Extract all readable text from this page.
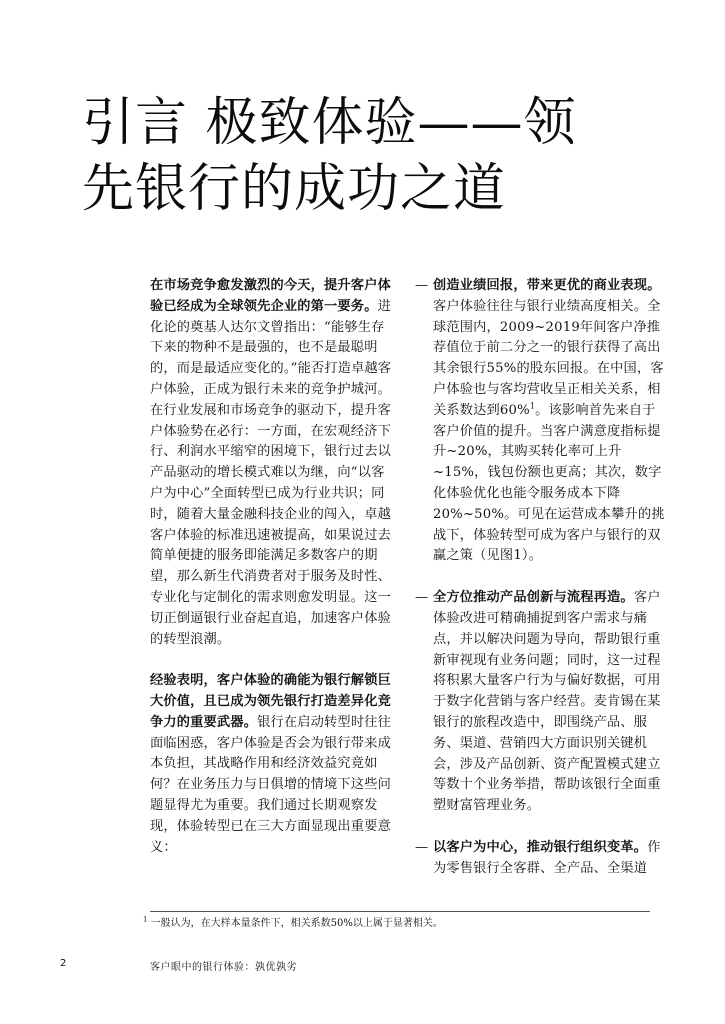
引言 极致体验——领
先银行的成功之道

在市场竞争愈发激烈的今天，提升客户体验已经成为全球领先企业的第一要务。进化论的奠基人达尔文曾指出：“能够生存下来的物种不是最强的，也不是最聪明的，而是最适应变化的。”能否打造卓越客户体验，正成为银行未来的竞争护城河。在行业发展和市场竞争的驱动下，提升客户体验势在必行：一方面，在宏观经济下行、利润水平缩窄的困境下，银行过去以产品驱动的增长模式难以为继，向“以客户为中心”全面转型已成为行业共识；同时，随着大量金融科技企业的闯入，卓越客户体验的标准迅速被提高，如果说过去简单便捷的服务即能满足多数客户的期望，那么新生代消费者对于服务及时性、专业化与定制化的需求则愈发明显。这一切正倒逼银行业奋起直追，加速客户体验的转型浪潮。

经验表明，客户体验的确能为银行解锁巨大价值，且已成为领先银行打造差异化竞争力的重要武器。银行在启动转型时往往面临困惑，客户体验是否会为银行带来成本负担，其战略作用和经济效益究竟如何？在业务压力与日俱增的情境下这些问题显得尤为重要。我们通过长期观察发现，体验转型已在三大方面显现出重要意义：

— 创造业绩回报，带来更优的商业表现。客户体验往往与银行业绩高度相关。全球范围内，2009~2019年间客户净推荐值位于前二分之一的银行获得了高出其余银行55%的股东回报。在中国，客户体验也与客均营收呈正相关关系，相关系数达到60%$^1$。该影响首先来自于客户价值的提升。当客户满意度指标提升~20%，其购买转化率可上升~15%，钱包份额也更高；其次，数字化体验优化也能令服务成本下降20%~50%。可见在运营成本攀升的挑战下，体验转型可成为客户与银行的双赢之策（见图1）。

— 全方位推动产品创新与流程再造。客户体验改进可精确捕捉到客户需求与痛点，并以解决问题为导向，帮助银行重新审视现有业务问题；同时，这一过程将积累大量客户行为与偏好数据，可用于数字化营销与客户经营。麦肯锡在某银行的旅程改造中，即围绕产品、服务、渠道、营销四大方面识别关键机会，涉及产品创新、资产配置模式建立等数十个业务举措，帮助该银行全面重塑财富管理业务。

— 以客户为中心，推动银行组织变革。作为零售银行全客群、全产品、全渠道

$^1$ 一般认为，在大样本量条件下，相关系数50%以上属于显著相关。
2	客户眼中的银行体验：孰优孰劣
